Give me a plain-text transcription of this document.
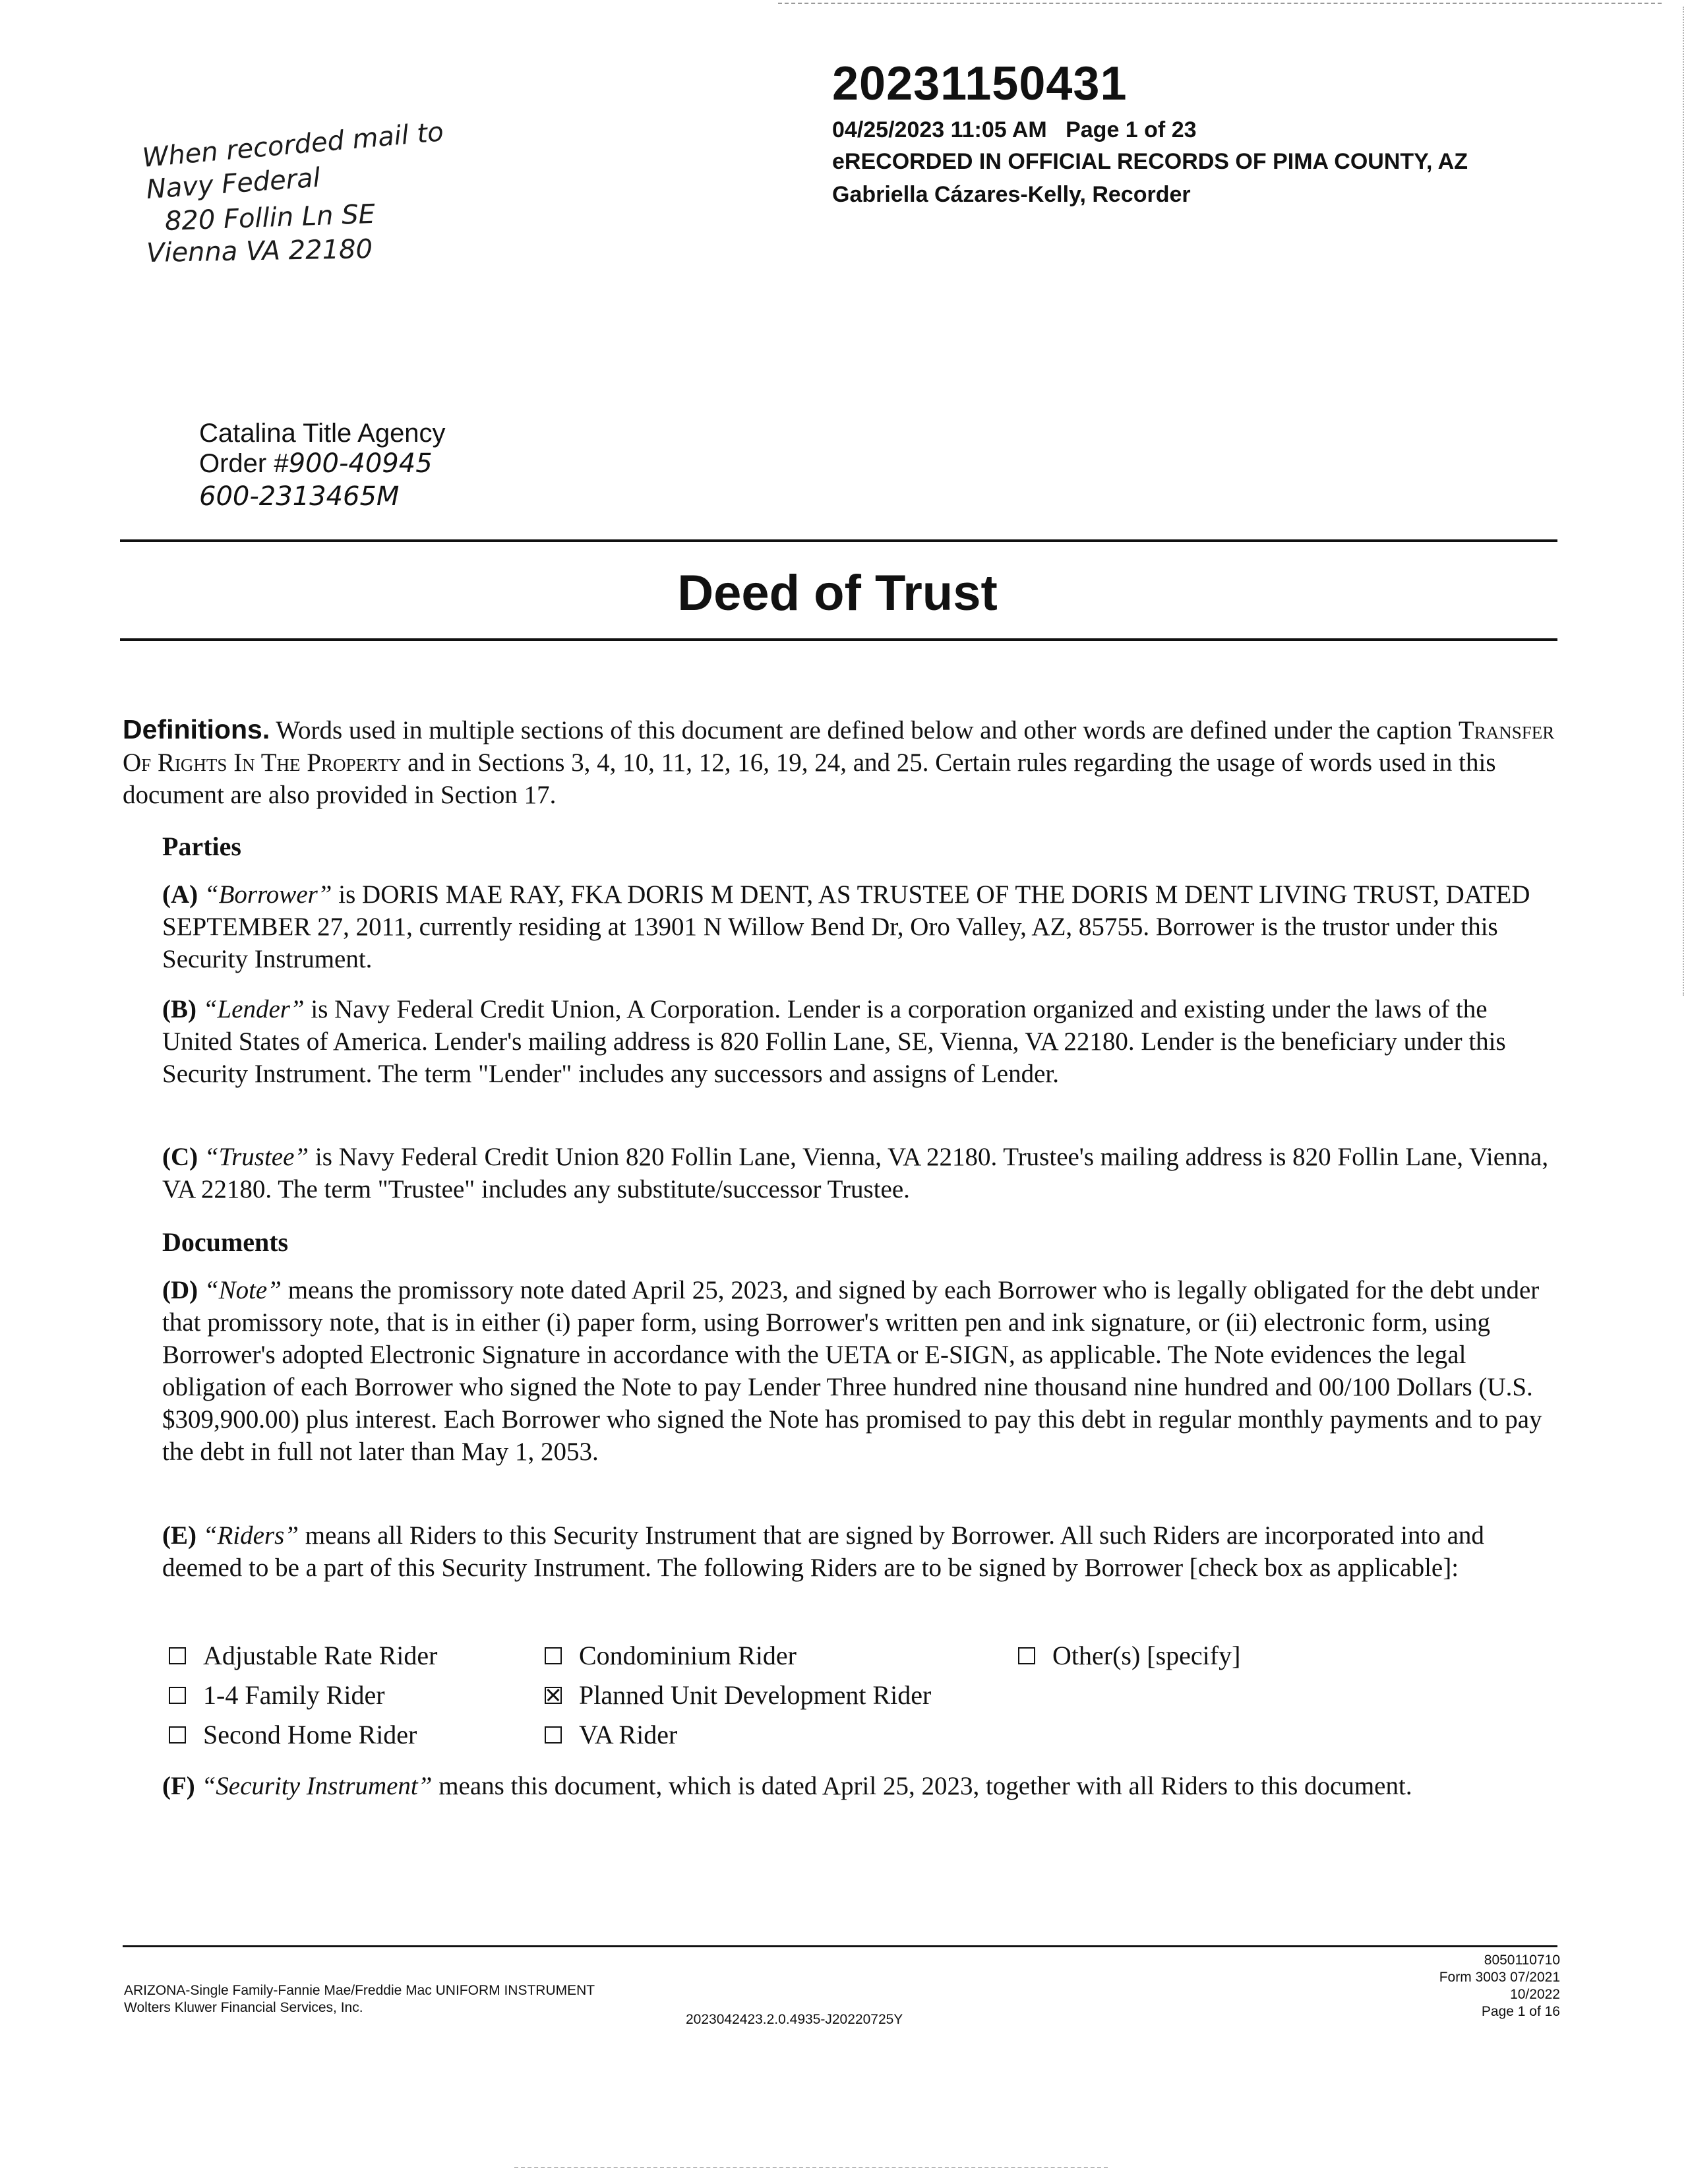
20231150431
04/25/2023 11:05 AM   Page 1 of 23
eRECORDED IN OFFICIAL RECORDS OF PIMA COUNTY, AZ
Gabriella Cázares-Kelly, Recorder
When recorded mail to
Navy Federal
820 Follin Ln SE
Vienna VA 22180
Catalina Title Agency
Order #900-40945
600-2313465M
Deed of Trust
Definitions. Words used in multiple sections of this document are defined below and other words are defined under the caption Transfer Of Rights In The Property and in Sections 3, 4, 10, 11, 12, 16, 19, 24, and 25. Certain rules regarding the usage of words used in this document are also provided in Section 17.
Parties
(A) “Borrower” is DORIS MAE RAY, FKA DORIS M DENT, AS TRUSTEE OF THE DORIS M DENT LIVING TRUST, DATED SEPTEMBER 27, 2011, currently residing at 13901 N Willow Bend Dr, Oro Valley, AZ, 85755. Borrower is the trustor under this Security Instrument.
(B) “Lender” is Navy Federal Credit Union, A Corporation. Lender is a corporation organized and existing under the laws of the United States of America. Lender's mailing address is 820 Follin Lane, SE, Vienna, VA 22180. Lender is the beneficiary under this Security Instrument. The term "Lender" includes any successors and assigns of Lender.
(C) “Trustee” is Navy Federal Credit Union 820 Follin Lane, Vienna, VA 22180. Trustee's mailing address is 820 Follin Lane, Vienna, VA 22180. The term "Trustee" includes any substitute/successor Trustee.
Documents
(D) “Note” means the promissory note dated April 25, 2023, and signed by each Borrower who is legally obligated for the debt under that promissory note, that is in either (i) paper form, using Borrower's written pen and ink signature, or (ii) electronic form, using Borrower's adopted Electronic Signature in accordance with the UETA or E-SIGN, as applicable. The Note evidences the legal obligation of each Borrower who signed the Note to pay Lender Three hundred nine thousand nine hundred and 00/100 Dollars (U.S. $309,900.00) plus interest. Each Borrower who signed the Note has promised to pay this debt in regular monthly payments and to pay the debt in full not later than May 1, 2053.
(E) “Riders” means all Riders to this Security Instrument that are signed by Borrower. All such Riders are incorporated into and deemed to be a part of this Security Instrument. The following Riders are to be signed by Borrower [check box as applicable]:
Adjustable Rate Rider	Condominium Rider	Other(s) [specify]
1-4 Family Rider	Planned Unit Development Rider
Second Home Rider	VA Rider
(F) “Security Instrument” means this document, which is dated April 25, 2023, together with all Riders to this document.
ARIZONA-Single Family-Fannie Mae/Freddie Mac UNIFORM INSTRUMENT
Wolters Kluwer Financial Services, Inc.
2023042423.2.0.4935-J20220725Y
8050110710
Form 3003 07/2021
10/2022
Page 1 of 16
